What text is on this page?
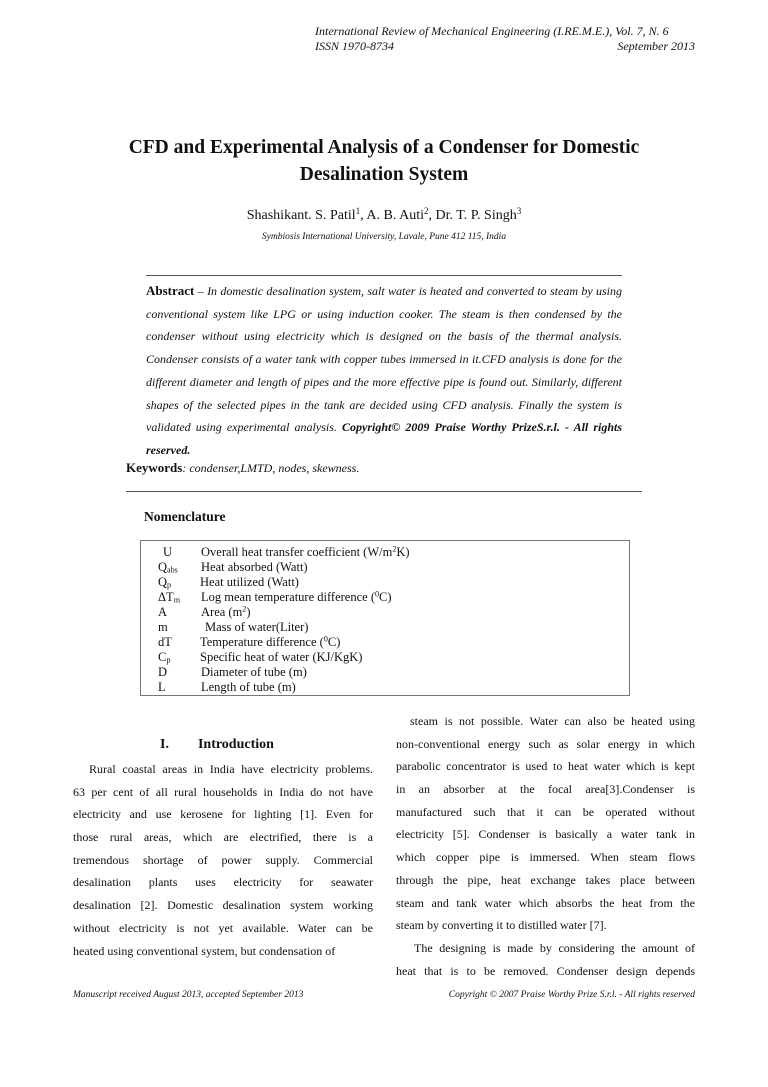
International Review of Mechanical Engineering (I.RE.M.E.), Vol. 7, N. 6
ISSN 1970-8734	September 2013
CFD and Experimental Analysis of a Condenser for Domestic
Desalination System
Shashikant. S. Patil$^1$, A. B. Auti$^2$, Dr. T. P. Singh$^3$
Symbiosis International University, Lavale, Pune 412 115, India
Abstract – In domestic desalination system, salt water is heated and converted to steam by using conventional system like LPG or using induction cooker. The steam is then condensed by the condenser without using electricity which is designed on the basis of the thermal analysis. Condenser consists of a water tank with copper tubes immersed in it.CFD analysis is done for the different diameter and length of pipes and the more effective pipe is found out. Similarly, different shapes of the selected pipes in the tank are decided using CFD analysis. Finally the system is validated using experimental analysis. Copyright© 2009 Praise Worthy PrizeS.r.l. - All rights reserved.
Keywords: condenser,LMTD, nodes, skewness.
Nomenclature
U Overall heat transfer coefficient $(W/m^2K)$
$Q_{abs}$ Heat absorbed (Watt)
$Q_p$ Heat utilized (Watt)
$\Delta T_m$ Log mean temperature difference ($^0$C)
A	Area $(m^2)$
m	Mass of water(Liter)
dT Temperature difference ($^0$C)
$C_p$ Specific heat of water (KJ/KgK)
D	Diameter of tube (m)
L	Length of tube (m)
I. Introduction
Rural coastal areas in India have electricity problems.
63 per cent of all rural households in India do not have
electricity and use kerosene for lighting [1]. Even for
those rural areas, which are electrified, there is a
tremendous shortage of power supply. Commercial
desalination plants uses electricity for seawater
desalination [2]. Domestic desalination system working
without electricity is not yet available. Water can be
heated using conventional system, but condensation of
steam is not possible. Water can also be heated using
non-conventional energy such as solar energy in which
parabolic concentrator is used to heat water which is kept
in an absorber at the focal area[3].Condenser is
manufactured such that it can be operated without
electricity [5]. Condenser is basically a water tank in
which copper pipe is immersed. When steam flows
through the pipe, heat exchange takes place between
steam and tank water which absorbs the heat from the
steam by converting it to distilled water [7].
The designing is made by considering the amount of
heat that is to be removed. Condenser design depends
Manuscript received August 2013, accepted September 2013	Copyright © 2007 Praise Worthy Prize S.r.l. - All rights reserved
